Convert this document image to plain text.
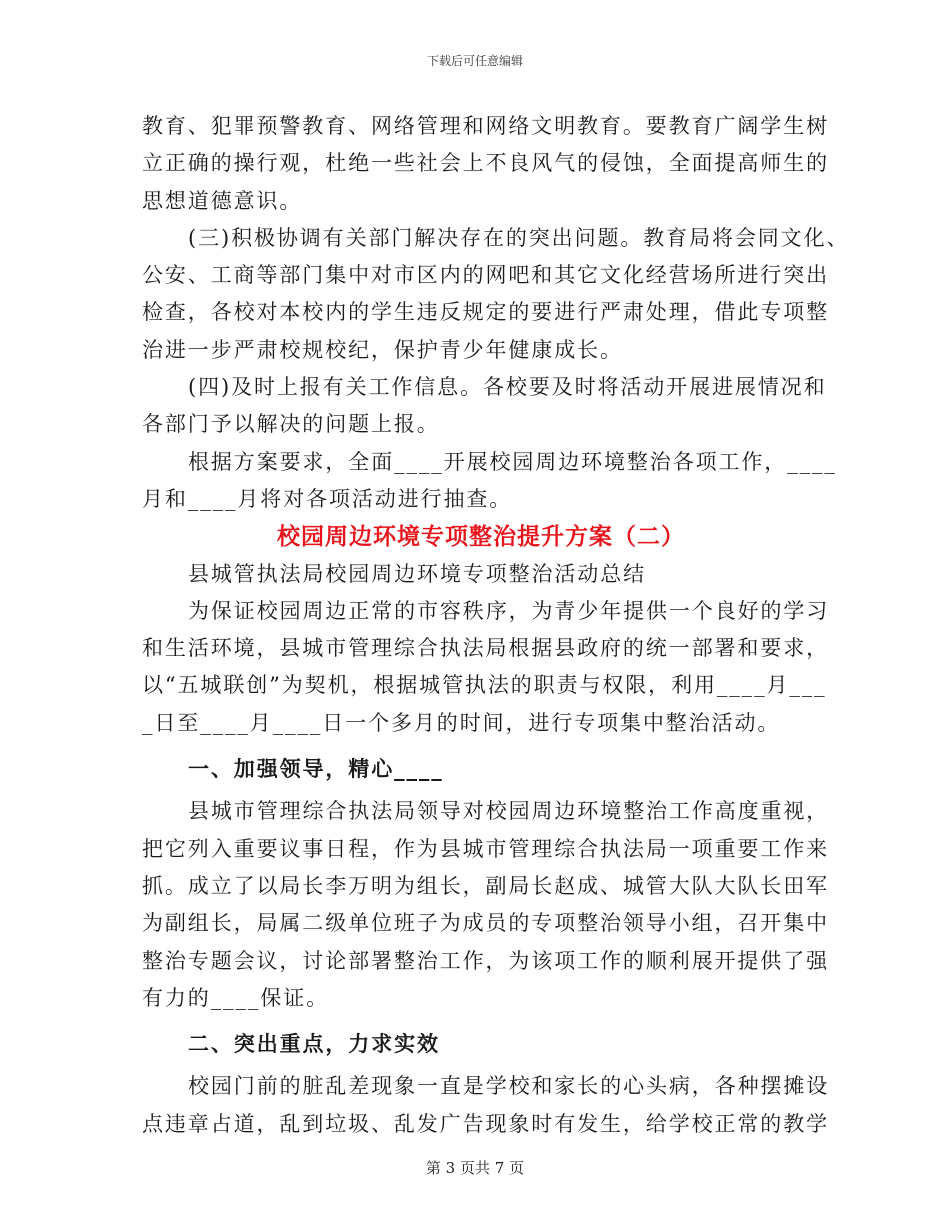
下载后可任意编辑
教育、犯罪预警教育、网络管理和网络文明教育。要教育广阔学生树
立正确的操行观，杜绝一些社会上不良风气的侵蚀，全面提高师生的
思想道德意识。
(三)积极协调有关部门解决存在的突出问题。教育局将会同文化、
公安、工商等部门集中对市区内的网吧和其它文化经营场所进行突出
检查，各校对本校内的学生违反规定的要进行严肃处理，借此专项整
治进一步严肃校规校纪，保护青少年健康成长。
(四)及时上报有关工作信息。各校要及时将活动开展进展情况和
各部门予以解决的问题上报。
根据方案要求，全面____开展校园周边环境整治各项工作，____
月和____月将对各项活动进行抽查。
校园周边环境专项整治提升方案（二）
县城管执法局校园周边环境专项整治活动总结
为保证校园周边正常的市容秩序，为青少年提供一个良好的学习
和生活环境，县城市管理综合执法局根据县政府的统一部署和要求，
以“五城联创”为契机，根据城管执法的职责与权限，利用____月___
_日至____月____日一个多月的时间，进行专项集中整治活动。
一、加强领导，精心____
县城市管理综合执法局领导对校园周边环境整治工作高度重视，
把它列入重要议事日程，作为县城市管理综合执法局一项重要工作来
抓。成立了以局长李万明为组长，副局长赵成、城管大队大队长田军
为副组长，局属二级单位班子为成员的专项整治领导小组，召开集中
整治专题会议，讨论部署整治工作，为该项工作的顺利展开提供了强
有力的____保证。
二、突出重点，力求实效
校园门前的脏乱差现象一直是学校和家长的心头病，各种摆摊设
点违章占道，乱到垃圾、乱发广告现象时有发生，给学校正常的教学
第 3 页共 7 页
